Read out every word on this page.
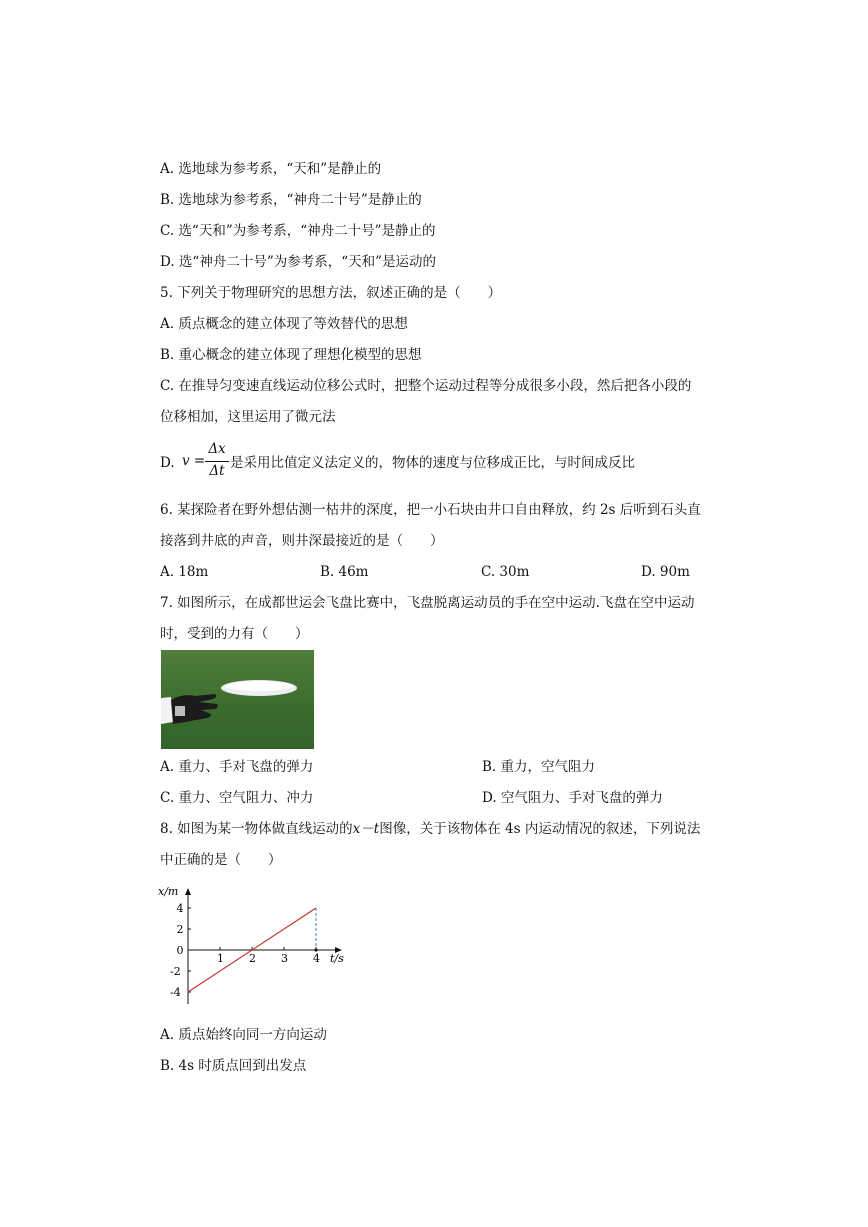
A. 选地球为参考系，“天和”是静止的
B. 选地球为参考系，“神舟二十号”是静止的
C. 选“天和”为参考系，“神舟二十号”是静止的
D. 选“神舟二十号”为参考系，“天和”是运动的
5. 下列关于物理研究的思想方法，叙述正确的是（　　）
A. 质点概念的建立体现了等效替代的思想
B. 重心概念的建立体现了理想化模型的思想
C. 在推导匀变速直线运动位移公式时，把整个运动过程等分成很多小段，然后把各小段的
位移相加，这里运用了微元法
D. v =
Δx
Δt 是采用比值定义法定义的，物体的速度与位移成正比，与时间成反比
6. 某探险者在野外想估测一枯井的深度，把一小石块由井口自由释放，约 2s 后听到石头直
接落到井底的声音，则井深最接近的是（　　）
A. 18m	B. 46m	C. 30m	D. 90m
7. 如图所示，在成都世运会飞盘比赛中，飞盘脱离运动员的手在空中运动.飞盘在空中运动
时，受到的力有（　　）
A. 重力、手对飞盘的弹力	B. 重力，空气阻力
C. 重力、空气阻力、冲力	D. 空气阻力、手对飞盘的弹力
8. 如图为某一物体做直线运动的x－t图像，关于该物体在 4s 内运动情况的叙述，下列说法
中正确的是（　　）
x/m
t/s
1 2 3 4
4
2
0
-2
-4
A. 质点始终向同一方向运动
B. 4s 时质点回到出发点
